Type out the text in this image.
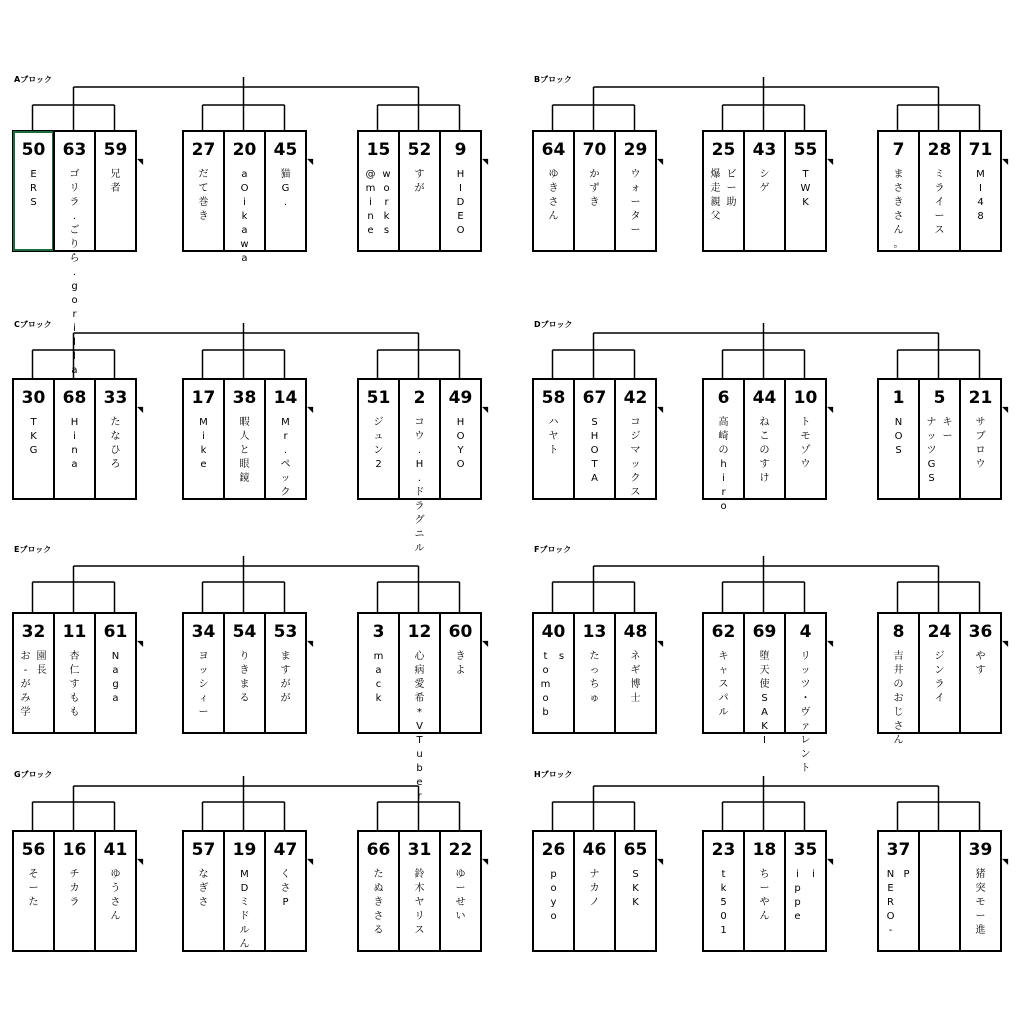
Aブロック
50
E
R
S
63
ゴ
リ
ラ
.
ご
り
ら
.
g
o
r
i
l
l
a
59
兄
者
◥
27
だ
て
巻
き
20
a
O
i
k
a
w
a
45
猫
G
.
◥
15
@
m
i
n
e
w
o
r
k
s
52
す
が
9
H
I
D
E
O
◥
Bブロック
64
ゆ
き
さ
ん
70
か
ず
き
29
ウ
ォ
ー
タ
ー
◥
25
爆
走
親
父
ビ
ー
助
43
シ
ゲ
55
T
W
K
◥
7
ま
さ
き
さ
ん
。
28
ミ
ラ
イ
ー
ス
71
M
I
4
8
◥
Cブロック
30
T
K
G
68
H
i
n
a
33
た
な
ひ
ろ
◥
17
M
i
k
e
38
暇
人
と
眼
鏡
14
M
r
.
ペ
ッ
ク
◥
51
ジ
ュ
ン
2
2
コ
ウ
.
H
.
ド
ラ
グ
ニ
ル
49
H
O
Y
O
◥
Dブロック
58
ハ
ヤ
ト
67
S
H
O
T
A
42
コ
ジ
マ
ッ
ク
ス
◥
6
高
崎
の
h
i
r
o
44
ね
こ
の
す
け
10
ト
モ
ゾ
ウ
◥
1
N
O
S
5
ナ
ッ
ツ
G
S
キ
ー
21
サ
ブ
ロ
ウ
◥
Eブロック
32
お
-
が
み
学
園
長
11
杏
仁
す
も
も
61
N
a
g
a
◥
34
ヨ
ッ
シ
ィ
ー
54
り
き
ま
る
53
ま
す
が
が
◥
3
m
a
c
k
12
心
病
愛
希
*
V
T
u
b
e
r
60
き
よ
◥
Fブロック
40
t
o
m
o
b
s
13
た
っ
ち
ゅ
48
ネ
ギ
博
士
◥
62
キ
ャ
ス
パ
ル
69
堕
天
使
S
A
K
I
4
リ
ッ
ツ
・
ヴ
ァ
レ
ン
ト
◥
8
吉
井
の
お
じ
さ
ん
24
ジ
ン
ラ
イ
36
や
す
◥
Gブロック
56
そ
ー
た
16
チ
カ
ラ
41
ゆ
う
さ
ん
◥
57
な
ぎ
さ
19
M
D
ミ
ド
ル
ん
47
く
さ
P
◥
66
た
ぬ
き
さ
る
31
鈴
木
ヤ
リ
ス
22
ゆ
ー
せ
い
◥
Hブロック
26
p
o
y
o
46
ナ
カ
ノ
65
S
K
K
◥
23
t
k
5
0
1
18
ち
ー
や
ん
35
i
p
p
e
i
◥
37
N
E
R
O
-
P
39
猪
突
モ
ー
進
◥
